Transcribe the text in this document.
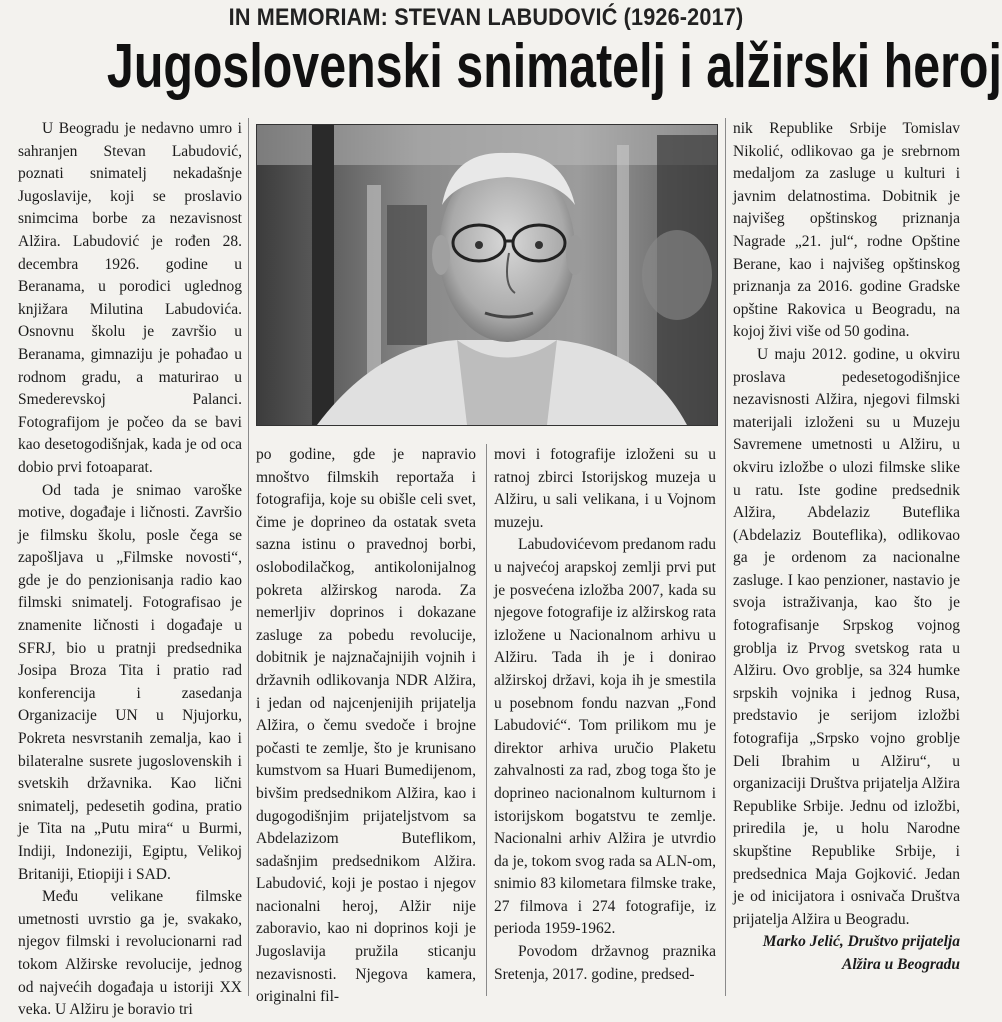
IN MEMORIAM: STEVAN LABUDOVIĆ (1926-2017)
Jugoslovenski snimatelj i alžirski heroj

U Beogradu je nedavno umro i sahranjen Stevan Labudović, poznati snimatelj nekadašnje Jugoslavije, koji se proslavio snimcima borbe za nezavisnost Alžira. Labudović je rođen 28. decembra 1926. godine u Beranama, u porodici uglednog knjižara Milutina Labudovića. Osnovnu školu je završio u Beranama, gimnaziju je pohađao u rodnom gradu, a maturirao u Smederevskoj Palanci. Fotografijom je počeo da se bavi kao desetogodišnjak, kada je od oca dobio prvi fotoaparat.

Od tada je snimao varoške motive, događaje i ličnosti. Završio je filmsku školu, posle čega se zapošljava u „Filmske novosti“, gde je do penzionisanja radio kao filmski snimatelj. Fotografisao je znamenite ličnosti i događaje u SFRJ, bio u pratnji predsednika Josipa Broza Tita i pratio rad konferencija i zasedanja Organizacije UN u Njujorku, Pokreta nesvrstanih zemalja, kao i bilateralne susrete jugoslovenskih i svetskih državnika. Kao lični snimatelj, pedesetih godina, pratio je Tita na „Putu mira“ u Burmi, Indiji, Indoneziji, Egiptu, Velikoj Britaniji, Etiopiji i SAD.

Među velikane filmske umetnosti uvrstio ga je, svakako, njegov filmski i revolucionarni rad tokom Alžirske revolucije, jednog od najvećih događaja u istoriji XX veka. U Alžiru je boravio tri

po godine, gde je napravio mnoštvo filmskih reportaža i fotografija, koje su obišle celi svet, čime je doprineo da ostatak sveta sazna istinu o pravednoj borbi, oslobodilačkog, antikolonijalnog pokreta alžirskog naroda. Za nemerljiv doprinos i dokazane zasluge za pobedu revolucije, dobitnik je najznačajnijih vojnih i državnih odlikovanja NDR Alžira, i jedan od najcenjenijih prijatelja Alžira, o čemu svedoče i brojne počasti te zemlje, što je krunisano kumstvom sa Huari Bumedijenom, bivšim predsednikom Alžira, kao i dugogodišnjim prijateljstvom sa Abdelazizom Buteflikom, sadašnjim predsednikom Alžira. Labudović, koji je postao i njegov nacionalni heroj, Alžir nije zaboravio, kao ni doprinos koji je Jugoslavija pružila sticanju nezavisnosti. Njegova kamera, originalni fil-

movi i fotografije izloženi su u ratnoj zbirci Istorijskog muzeja u Alžiru, u sali velikana, i u Vojnom muzeju.

Labudovićevom predanom radu u najvećoj arapskoj zemlji prvi put je posvećena izložba 2007, kada su njegove fotografije iz alžirskog rata izložene u Nacionalnom arhivu u Alžiru. Tada ih je i donirao alžirskoj državi, koja ih je smestila u posebnom fondu nazvan „Fond Labudović“. Tom prilikom mu je direktor arhiva uručio Plaketu zahvalnosti za rad, zbog toga što je doprineo nacionalnom kulturnom i istorijskom bogatstvu te zemlje. Nacionalni arhiv Alžira je utvrdio da je, tokom svog rada sa ALN-om, snimio 83 kilometara filmske trake, 27 filmova i 274 fotografije, iz perioda 1959-1962.

Povodom državnog praznika Sretenja, 2017. godine, predsed-

nik Republike Srbije Tomislav Nikolić, odlikovao ga je srebrnom medaljom za zasluge u kulturi i javnim delatnostima. Dobitnik je najvišeg opštinskog priznanja Nagrade „21. jul“, rodne Opštine Berane, kao i najvišeg opštinskog priznanja za 2016. godine Gradske opštine Rakovica u Beogradu, na kojoj živi više od 50 godina.

U maju 2012. godine, u okviru proslava pedesetogodišnjice nezavisnosti Alžira, njegovi filmski materijali izloženi su u Muzeju Savremene umetnosti u Alžiru, u okviru izložbe o ulozi filmske slike u ratu. Iste godine predsednik Alžira, Abdelaziz Buteflika (Abdelaziz Bouteflika), odlikovao ga je ordenom za nacionalne zasluge. I kao penzioner, nastavio je svoja istraživanja, kao što je fotografisanje Srpskog vojnog groblja iz Prvog svetskog rata u Alžiru. Ovo groblje, sa 324 humke srpskih vojnika i jednog Rusa, predstavio je serijom izložbi fotografija „Srpsko vojno groblje Deli Ibrahim u Alžiru“, u organizaciji Društva prijatelja Alžira Republike Srbije. Jednu od izložbi, priredila je, u holu Narodne skupštine Republike Srbije, i predsednica Maja Gojković. Jedan je od inicijatora i osnivača Društva prijatelja Alžira u Beogradu.

Marko Jelić, Društvo prijatelja Alžira u Beogradu
